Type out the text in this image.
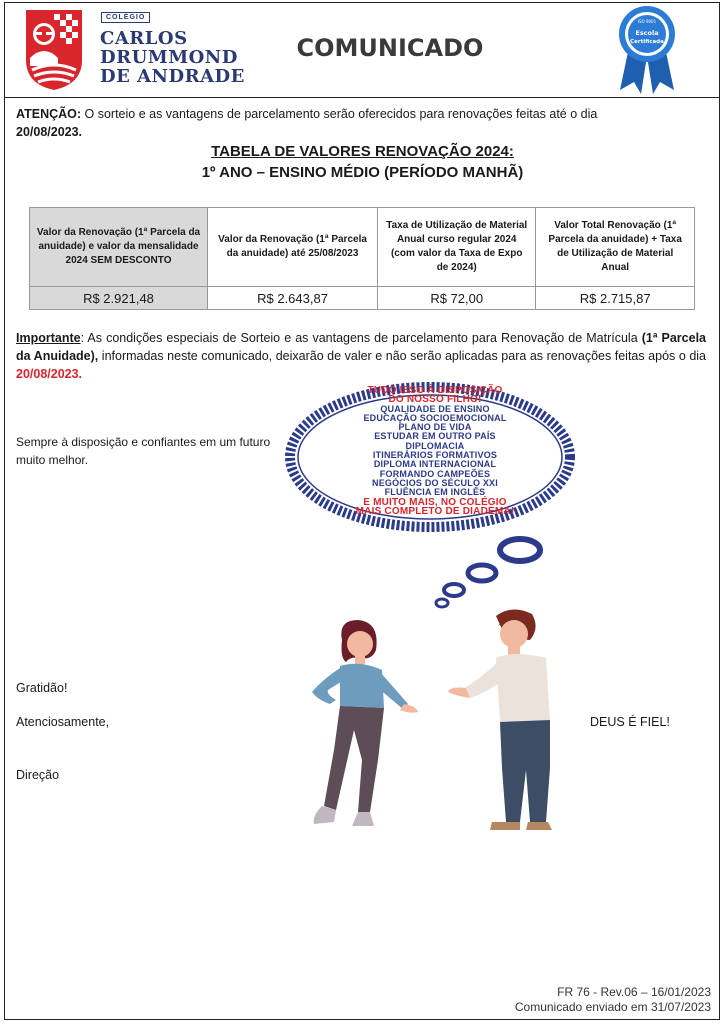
COLÉGIO
CARLOS
DRUMMOND
DE ANDRADE
COMUNICADO
ISO 9001
Escola
Certificada
ATENÇÃO: O sorteio e as vantagens de parcelamento serão oferecidos para renovações feitas até o dia
20/08/2023.
TABELA DE VALORES RENOVAÇÃO 2024:
1º ANO – ENSINO MÉDIO (PERÍODO MANHÃ)
Valor da Renovação (1ª Parcela da anuidade) e valor da mensalidade 2024 SEM DESCONTO	Valor da Renovação (1ª Parcela da anuidade) até 25/08/2023	Taxa de Utilização de Material Anual curso regular 2024 (com valor da Taxa de Expo de 2024)	Valor Total Renovação (1ª Parcela da anuidade) + Taxa de Utilização de Material Anual
R$ 2.921,48	R$ 2.643,87	R$ 72,00	R$ 2.715,87
Importante: As condições especiais de Sorteio e as vantagens de parcelamento para Renovação de Matrícula (1ª Parcela da Anuidade), informadas neste comunicado, deixarão de valer e não serão aplicadas para as renovações feitas após o dia 20/08/2023.
Sempre à disposição e confiantes em um futuro muito melhor.
TUDO ISSO À DISPOSIÇÃO
DO NOSSO FILHO!
QUALIDADE DE ENSINO
EDUCAÇÃO SOCIOEMOCIONAL
PLANO DE VIDA
ESTUDAR EM OUTRO PAÍS
DIPLOMACIA
ITINERÁRIOS FORMATIVOS
DIPLOMA INTERNACIONAL
FORMANDO CAMPEÕES
NEGÓCIOS DO SÉCULO XXI
FLUÊNCIA EM INGLÊS
E MUITO MAIS, NO COLÉGIO
MAIS COMPLETO DE DIADEMA!
Gratidão!
Atenciosamente,	DEUS É FIEL!
Direção
FR 76 - Rev.06 – 16/01/2023
Comunicado enviado em 31/07/2023
